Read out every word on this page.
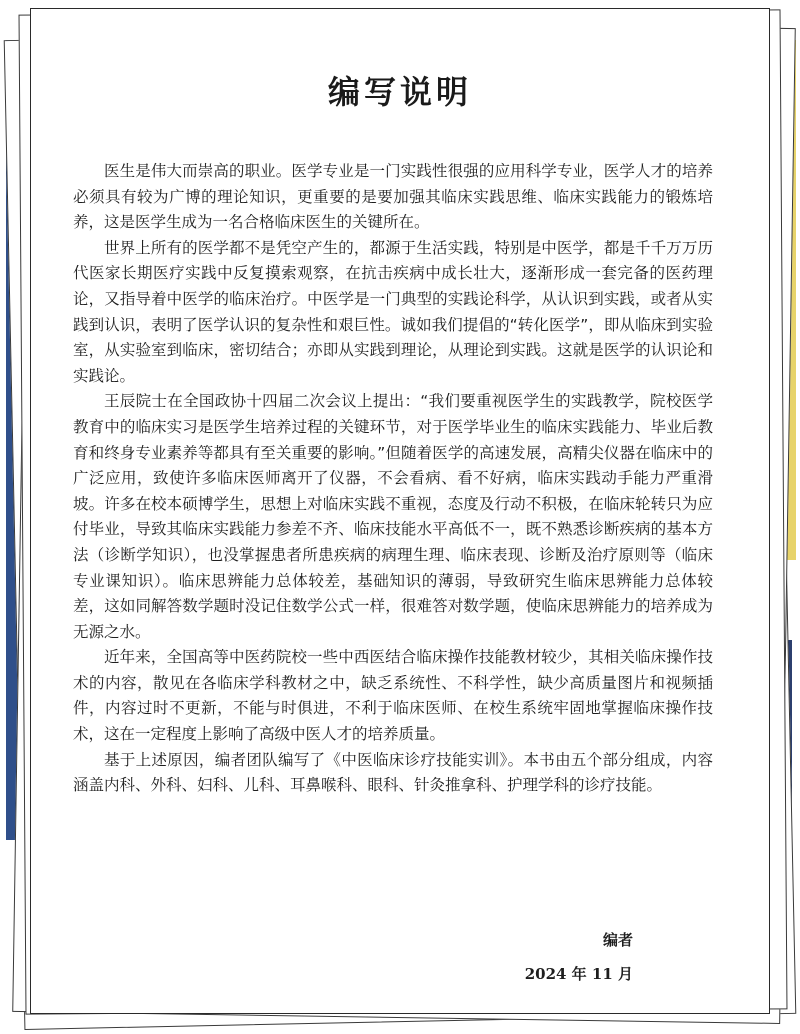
编写说明

医生是伟大而崇高的职业。医学专业是一门实践性很强的应用科学专业，医学人才的培养必须具有较为广博的理论知识，更重要的是要加强其临床实践思维、临床实践能力的锻炼培养，这是医学生成为一名合格临床医生的关键所在。

世界上所有的医学都不是凭空产生的，都源于生活实践，特别是中医学，都是千千万万历代医家长期医疗实践中反复摸索观察，在抗击疾病中成长壮大，逐渐形成一套完备的医药理论，又指导着中医学的临床治疗。中医学是一门典型的实践论科学，从认识到实践，或者从实践到认识，表明了医学认识的复杂性和艰巨性。诚如我们提倡的“转化医学”，即从临床到实验室，从实验室到临床，密切结合；亦即从实践到理论，从理论到实践。这就是医学的认识论和实践论。

王辰院士在全国政协十四届二次会议上提出：“我们要重视医学生的实践教学，院校医学教育中的临床实习是医学生培养过程的关键环节，对于医学毕业生的临床实践能力、毕业后教育和终身专业素养等都具有至关重要的影响。”但随着医学的高速发展，高精尖仪器在临床中的广泛应用，致使许多临床医师离开了仪器，不会看病、看不好病，临床实践动手能力严重滑坡。许多在校本硕博学生，思想上对临床实践不重视，态度及行动不积极，在临床轮转只为应付毕业，导致其临床实践能力参差不齐、临床技能水平高低不一，既不熟悉诊断疾病的基本方法（诊断学知识），也没掌握患者所患疾病的病理生理、临床表现、诊断及治疗原则等（临床专业课知识）。临床思辨能力总体较差，基础知识的薄弱，导致研究生临床思辨能力总体较差，这如同解答数学题时没记住数学公式一样，很难答对数学题，使临床思辨能力的培养成为无源之水。

近年来，全国高等中医药院校一些中西医结合临床操作技能教材较少，其相关临床操作技术的内容，散见在各临床学科教材之中，缺乏系统性、不科学性，缺少高质量图片和视频插件，内容过时不更新，不能与时俱进，不利于临床医师、在校生系统牢固地掌握临床操作技术，这在一定程度上影响了高级中医人才的培养质量。

基于上述原因，编者团队编写了《中医临床诊疗技能实训》。本书由五个部分组成，内容涵盖内科、外科、妇科、儿科、耳鼻喉科、眼科、针灸推拿科、护理学科的诊疗技能。

编者
2024 年 11 月
